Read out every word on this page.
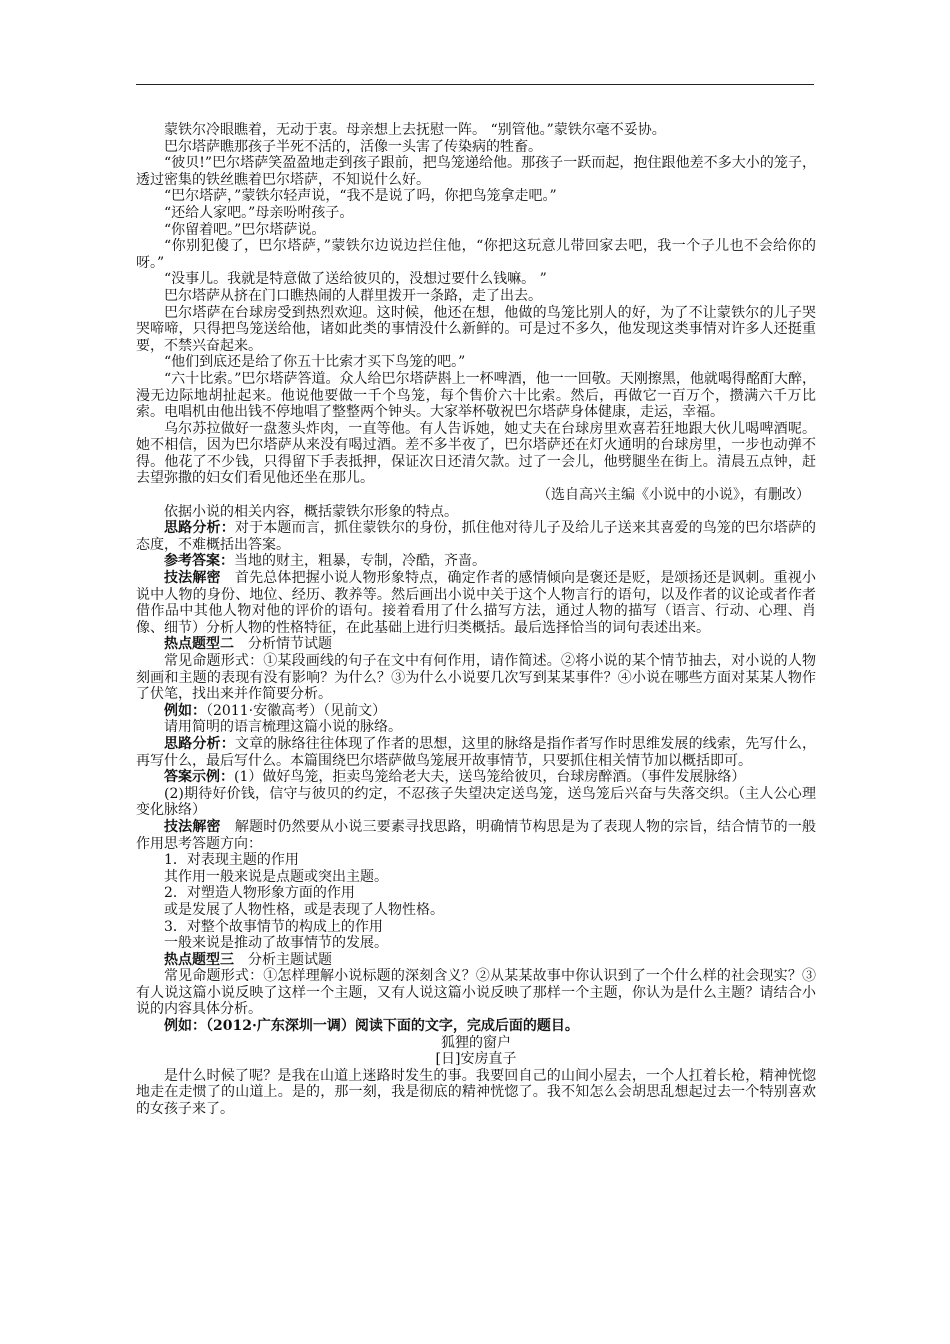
蒙铁尔冷眼瞧着，无动于衷。母亲想上去抚慰一阵。 “别管他。”蒙铁尔毫不妥协。

巴尔塔萨瞧那孩子半死不活的，活像一头害了传染病的牲畜。

“彼贝!”巴尔塔萨笑盈盈地走到孩子跟前，把鸟笼递给他。那孩子一跃而起，抱住跟他差不多大小的笼子，透过密集的铁丝瞧着巴尔塔萨，不知说什么好。

“巴尔塔萨，”蒙铁尔轻声说，“我不是说了吗，你把鸟笼拿走吧。”

“还给人家吧。”母亲吩咐孩子。

“你留着吧。”巴尔塔萨说。

“你别犯傻了，巴尔塔萨，”蒙铁尔边说边拦住他，“你把这玩意儿带回家去吧，我一个子儿也不会给你的呀。”

“没事儿。我就是特意做了送给彼贝的，没想过要什么钱嘛。 ”

巴尔塔萨从挤在门口瞧热闹的人群里拨开一条路，走了出去。

巴尔塔萨在台球房受到热烈欢迎。这时候，他还在想，他做的鸟笼比别人的好，为了不让蒙铁尔的儿子哭哭啼啼，只得把鸟笼送给他，诸如此类的事情没什么新鲜的。可是过不多久，他发现这类事情对许多人还挺重要，不禁兴奋起来。

“他们到底还是给了你五十比索才买下鸟笼的吧。”

“六十比索。”巴尔塔萨答道。众人给巴尔塔萨斟上一杯啤酒，他一一回敬。天刚擦黑，他就喝得酩酊大醉，漫无边际地胡扯起来。他说他要做一千个鸟笼，每个售价六十比索。然后，再做它一百万个，攒满六千万比索。电唱机由他出钱不停地唱了整整两个钟头。大家举杯敬祝巴尔塔萨身体健康，走运，幸福。

乌尔苏拉做好一盘葱头炸肉，一直等他。有人告诉她，她丈夫在台球房里欢喜若狂地跟大伙儿喝啤酒呢。她不相信，因为巴尔塔萨从来没有喝过酒。差不多半夜了，巴尔塔萨还在灯火通明的台球房里，一步也动弹不得。他花了不少钱，只得留下手表抵押，保证次日还清欠款。过了一会儿，他劈腿坐在街上。清晨五点钟，赶去望弥撒的妇女们看见他还坐在那儿。

（选自高兴主编《小说中的小说》，有删改）

依据小说的相关内容，概括蒙铁尔形象的特点。

思路分析：对于本题而言，抓住蒙铁尔的身份，抓住他对待儿子及给儿子送来其喜爱的鸟笼的巴尔塔萨的态度，不难概括出答案。

参考答案：当地的财主，粗暴，专制，冷酷，齐啬。

技法解密　首先总体把握小说人物形象特点，确定作者的感情倾向是褒还是贬，是颂扬还是讽刺。重视小说中人物的身份、地位、经历、教养等。然后画出小说中关于这个人物言行的语句，以及作者的议论或者作者借作品中其他人物对他的评价的语句。接着看用了什么描写方法，通过人物的描写（语言、行动、心理、肖像、细节）分析人物的性格特征，在此基础上进行归类概括。最后选择恰当的词句表述出来。

热点题型二　分析情节试题

常见命题形式：①某段画线的句子在文中有何作用，请作简述。②将小说的某个情节抽去，对小说的人物刻画和主题的表现有没有影响？为什么？③为什么小说要几次写到某某事件？④小说在哪些方面对某某人物作了伏笔，找出来并作简要分析。

例如：（2011·安徽高考）（见前文）

请用简明的语言梳理这篇小说的脉络。

思路分析：文章的脉络往往体现了作者的思想，这里的脉络是指作者写作时思维发展的线索，先写什么，再写什么，最后写什么。本篇围绕巴尔塔萨做鸟笼展开故事情节，只要抓住相关情节加以概括即可。

答案示例：(1）做好鸟笼，拒卖鸟笼给老大夫，送鸟笼给彼贝，台球房醉酒。（事件发展脉络）

(2)期待好价钱，信守与彼贝的约定，不忍孩子失望决定送鸟笼，送鸟笼后兴奋与失落交织。（主人公心理变化脉络）

技法解密　解题时仍然要从小说三要素寻找思路，明确情节构思是为了表现人物的宗旨，结合情节的一般作用思考答题方向：

1．对表现主题的作用

其作用一般来说是点题或突出主题。

2．对塑造人物形象方面的作用

或是发展了人物性格，或是表现了人物性格。

3．对整个故事情节的构成上的作用

一般来说是推动了故事情节的发展。

热点题型三　分析主题试题

常见命题形式：①怎样理解小说标题的深刻含义？②从某某故事中你认识到了一个什么样的社会现实？③有人说这篇小说反映了这样一个主题，又有人说这篇小说反映了那样一个主题，你认为是什么主题？请结合小说的内容具体分析。

例如：（2012·广东深圳一调）阅读下面的文字，完成后面的题目。

狐狸的窗户

[日]安房直子

是什么时候了呢？是我在山道上迷路时发生的事。我要回自己的山间小屋去，一个人扛着长枪，精神恍惚地走在走惯了的山道上。是的，那一刻，我是彻底的精神恍惚了。我不知怎么会胡思乱想起过去一个特别喜欢的女孩子来了。
